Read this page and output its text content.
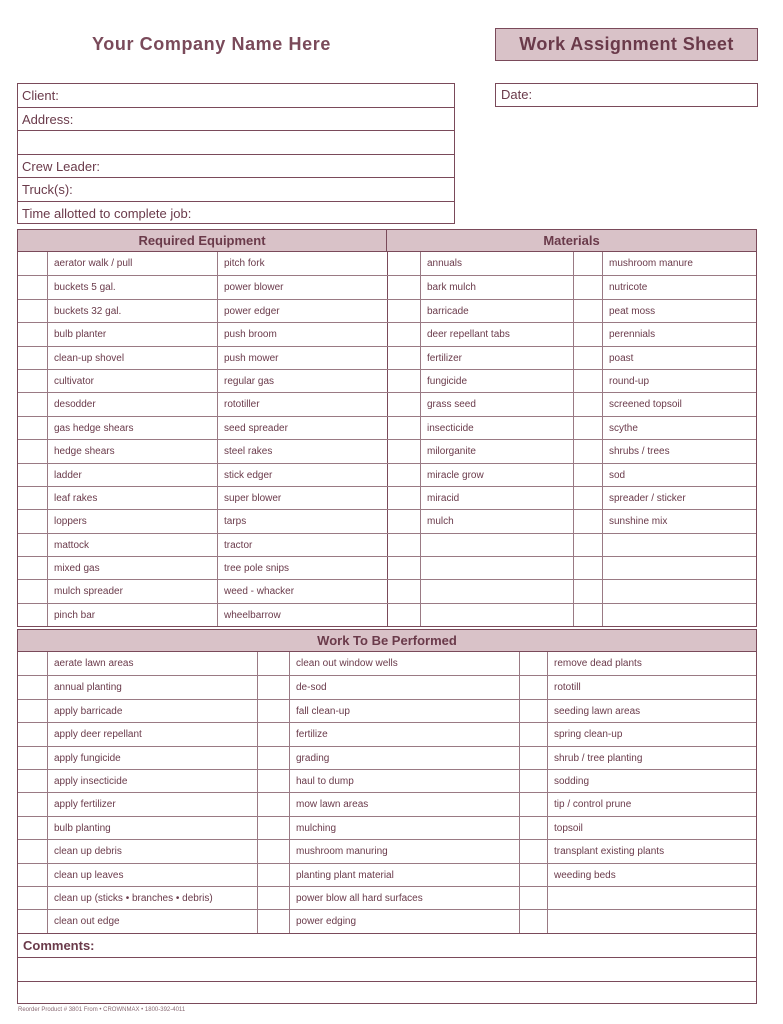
Your Company Name Here	Work Assignment Sheet
Date:
Client:
Address:
Crew Leader:
Truck(s):
Time allotted to complete job:
Required Equipment	Materials
aerator walk / pull	pitch fork	annuals	mushroom manure
buckets 5 gal.	power blower	bark mulch	nutricote
buckets 32 gal.	power edger	barricade	peat moss
bulb planter	push broom	deer repellant tabs	perennials
clean-up shovel	push mower	fertilizer	poast
cultivator	regular gas	fungicide	round-up
desodder	rototiller	grass seed	screened topsoil
gas hedge shears	seed spreader	insecticide	scythe
hedge shears	steel rakes	milorganite	shrubs / trees
ladder	stick edger	miracle grow	sod
leaf rakes	super blower	miracid	spreader / sticker
loppers	tarps	mulch	sunshine mix
mattock	tractor
mixed gas	tree pole snips
mulch spreader	weed - whacker
pinch bar	wheelbarrow
Work To Be Performed
aerate lawn areas	clean out window wells	remove dead plants
annual planting	de-sod	rototill
apply barricade	fall clean-up	seeding lawn areas
apply deer repellant	fertilize	spring clean-up
apply fungicide	grading	shrub / tree planting
apply insecticide	haul to dump	sodding
apply fertilizer	mow lawn areas	tip / control prune
bulb planting	mulching	topsoil
clean up debris	mushroom manuring	transplant existing plants
clean up leaves	planting plant material	weeding beds
clean up (sticks • branches • debris)	power blow all hard surfaces
clean out edge	power edging
Comments:
Reorder Product # 3801 From • CROWNMAX • 1800-392-4011
